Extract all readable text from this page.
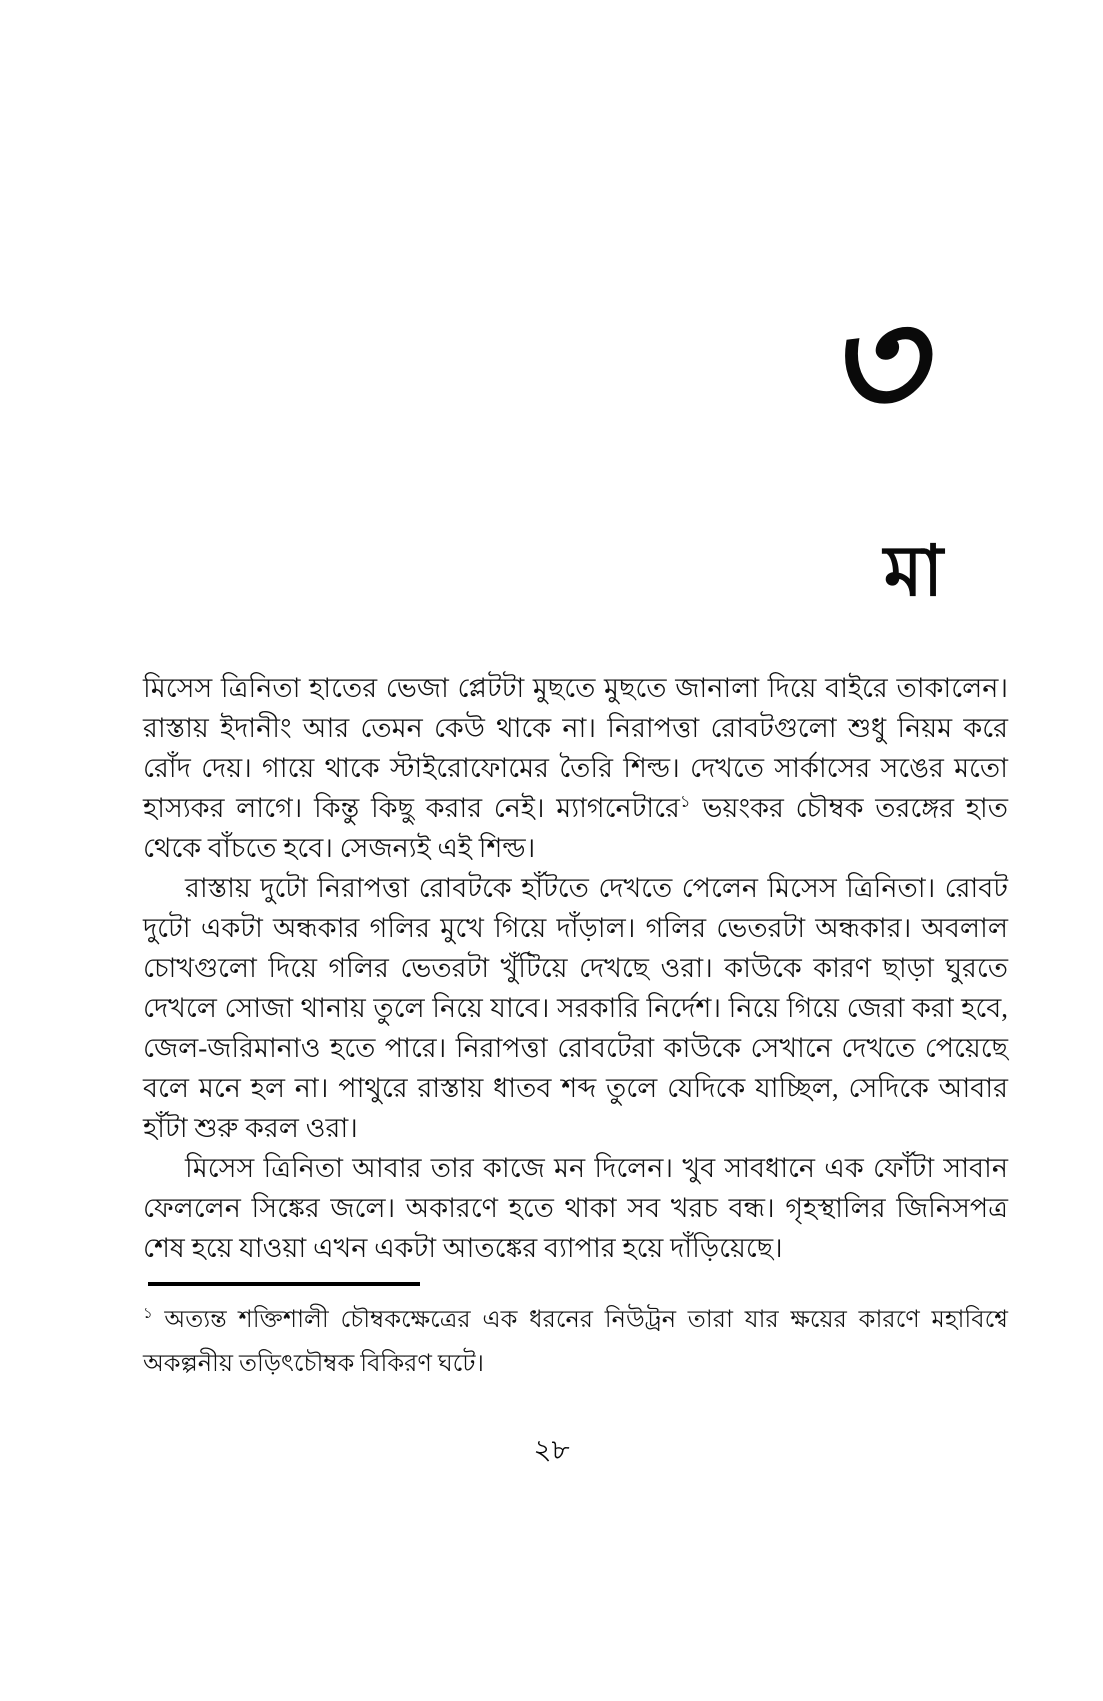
৩
মা

মিসেস ত্রিনিতা হাতের ভেজা প্লেটটা মুছতে মুছতে জানালা দিয়ে বাইরে তাকালেন। রাস্তায় ইদানীং আর তেমন কেউ থাকে না। নিরাপত্তা রোবটগুলো শুধু নিয়ম করে রোঁদ দেয়। গায়ে থাকে স্টাইরোফোমের তৈরি শিল্ড। দেখতে সার্কাসের সঙের মতো হাস্যকর লাগে। কিন্তু কিছু করার নেই। ম্যাগনেটারে$^১$ ভয়ংকর চৌম্বক তরঙ্গের হাত থেকে বাঁচতে হবে। সেজন্যই এই শিল্ড।

রাস্তায় দুটো নিরাপত্তা রোবটকে হাঁটতে দেখতে পেলেন মিসেস ত্রিনিতা। রোবট দুটো একটা অন্ধকার গলির মুখে গিয়ে দাঁড়াল। গলির ভেতরটা অন্ধকার। অবলাল চোখগুলো দিয়ে গলির ভেতরটা খুঁটিয়ে দেখছে ওরা। কাউকে কারণ ছাড়া ঘুরতে দেখলে সোজা থানায় তুলে নিয়ে যাবে। সরকারি নির্দেশ। নিয়ে গিয়ে জেরা করা হবে, জেল-জরিমানাও হতে পারে। নিরাপত্তা রোবটেরা কাউকে সেখানে দেখতে পেয়েছে বলে মনে হল না। পাথুরে রাস্তায় ধাতব শব্দ তুলে যেদিকে যাচ্ছিল, সেদিকে আবার হাঁটা শুরু করল ওরা।

মিসেস ত্রিনিতা আবার তার কাজে মন দিলেন। খুব সাবধানে এক ফোঁটা সাবান ফেললেন সিঙ্কের জলে। অকারণে হতে থাকা সব খরচ বন্ধ। গৃহস্থালির জিনিসপত্র শেষ হয়ে যাওয়া এখন একটা আতঙ্কের ব্যাপার হয়ে দাঁড়িয়েছে।

$^১$ অত্যন্ত শক্তিশালী চৌম্বকক্ষেত্রের এক ধরনের নিউট্রন তারা যার ক্ষয়ের কারণে মহাবিশ্বে অকল্পনীয় তড়িৎচৌম্বক বিকিরণ ঘটে।

২৮
